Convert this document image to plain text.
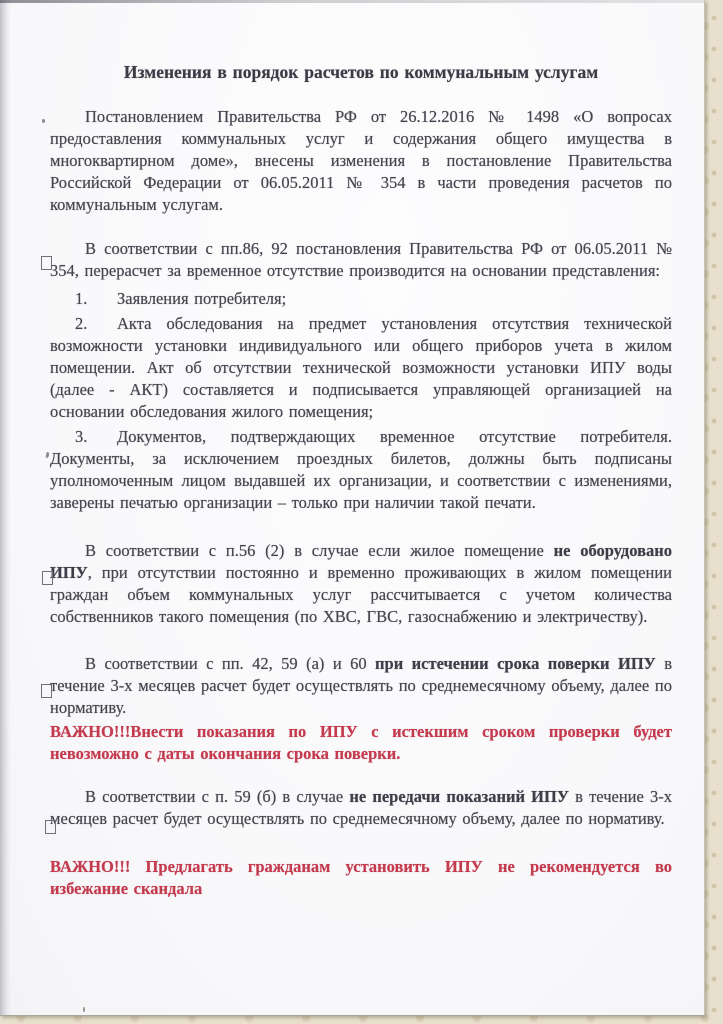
Изменения в порядок расчетов по коммунальным услугам

Постановлением Правительства РФ от 26.12.2016 № 1498 «О вопросах предоставления коммунальных услуг и содержания общего имущества в многоквартирном доме», внесены изменения в постановление Правительства Российской Федерации от 06.05.2011 № 354 в части проведения расчетов по коммунальным услугам.

В соответствии с пп.86, 92 постановления Правительства РФ от 06.05.2011 № 354, перерасчет за временное отсутствие производится на основании представления:

1. Заявления потребителя;

2. Акта обследования на предмет установления отсутствия технической возможности установки индивидуального или общего приборов учета в жилом помещении. Акт об отсутствии технической возможности установки ИПУ воды (далее - АКТ) составляется и подписывается управляющей организацией на основании обследования жилого помещения;

3. Документов, подтверждающих временное отсутствие потребителя. Документы, за исключением проездных билетов, должны быть подписаны уполномоченным лицом выдавшей их организации, и соответствии с изменениями, заверены печатью организации – только при наличии такой печати.

В соответствии с п.56 (2) в случае если жилое помещение не оборудовано ИПУ, при отсутствии постоянно и временно проживающих в жилом помещении граждан объем коммунальных услуг рассчитывается с учетом количества собственников такого помещения (по ХВС, ГВС, газоснабжению и электричеству).

В соответствии с пп. 42, 59 (а) и 60 при истечении срока поверки ИПУ в течение 3-х месяцев расчет будет осуществлять по среднемесячному объему, далее по нормативу.

ВАЖНО!!!Внести показания по ИПУ с истекшим сроком проверки будет невозможно с даты окончания срока поверки.

В соответствии с п. 59 (б) в случае не передачи показаний ИПУ в течение 3-х месяцев расчет будет осуществлять по среднемесячному объему, далее по нормативу.

ВАЖНО!!! Предлагать гражданам установить ИПУ не рекомендуется во избежание скандала
